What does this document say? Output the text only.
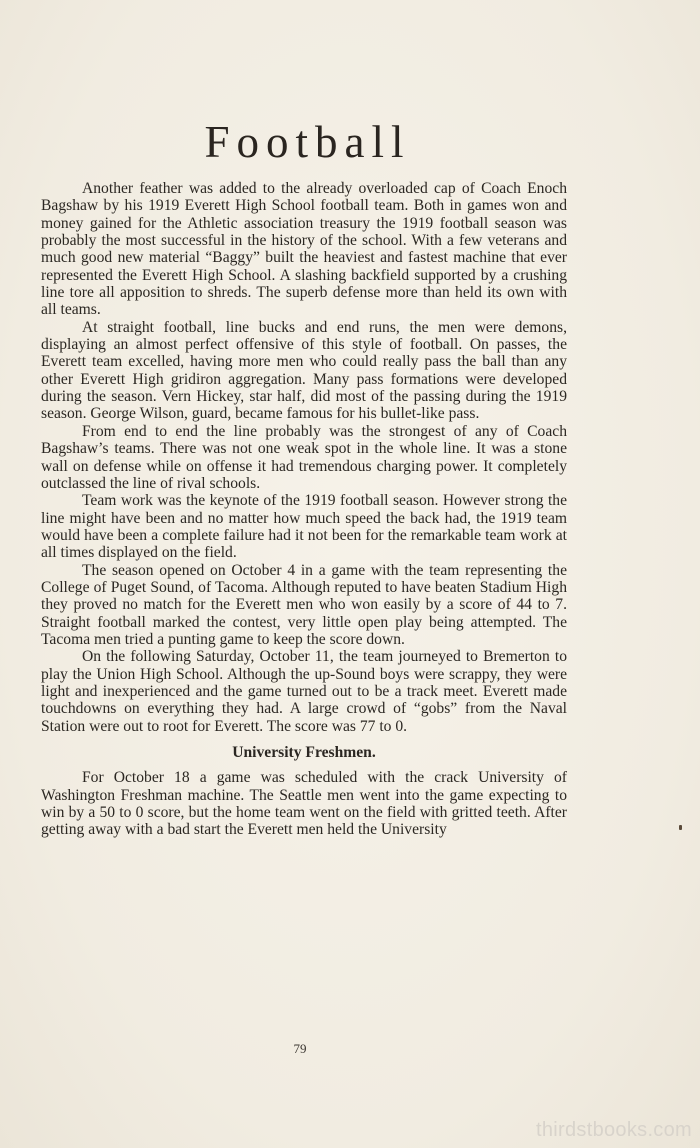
Football

Another feather was added to the already overloaded cap of Coach Enoch Bagshaw by his 1919 Everett High School football team. Both in games won and money gained for the Athletic association treasury the 1919 football season was probably the most successful in the history of the school. With a few veterans and much good new material “Baggy” built the heaviest and fastest machine that ever represented the Everett High School. A slashing backfield supported by a crushing line tore all apposition to shreds. The superb defense more than held its own with all teams.

At straight football, line bucks and end runs, the men were demons, displaying an almost perfect offensive of this style of football. On passes, the Everett team excelled, having more men who could really pass the ball than any other Everett High gridiron aggregation. Many pass formations were developed during the season. Vern Hickey, star half, did most of the passing during the 1919 season. George Wilson, guard, became famous for his bullet-like pass.

From end to end the line probably was the strongest of any of Coach Bagshaw’s teams. There was not one weak spot in the whole line. It was a stone wall on defense while on offense it had tremendous charging power. It completely outclassed the line of rival schools.

Team work was the keynote of the 1919 football season. However strong the line might have been and no matter how much speed the back had, the 1919 team would have been a complete failure had it not been for the remarkable team work at all times displayed on the field.

The season opened on October 4 in a game with the team representing the College of Puget Sound, of Tacoma. Although reputed to have beaten Stadium High they proved no match for the Everett men who won easily by a score of 44 to 7. Straight football marked the contest, very little open play being attempted. The Tacoma men tried a punting game to keep the score down.

On the following Saturday, October 11, the team journeyed to Bremerton to play the Union High School. Although the up-Sound boys were scrappy, they were light and inexperienced and the game turned out to be a track meet. Everett made touchdowns on everything they had. A large crowd of “gobs” from the Naval Station were out to root for Everett. The score was 77 to 0.

University Freshmen.

For October 18 a game was scheduled with the crack University of Washington Freshman machine. The Seattle men went into the game expecting to win by a 50 to 0 score, but the home team went on the field with gritted teeth. After getting away with a bad start the Everett men held the University

79
thirdstbooks.com
